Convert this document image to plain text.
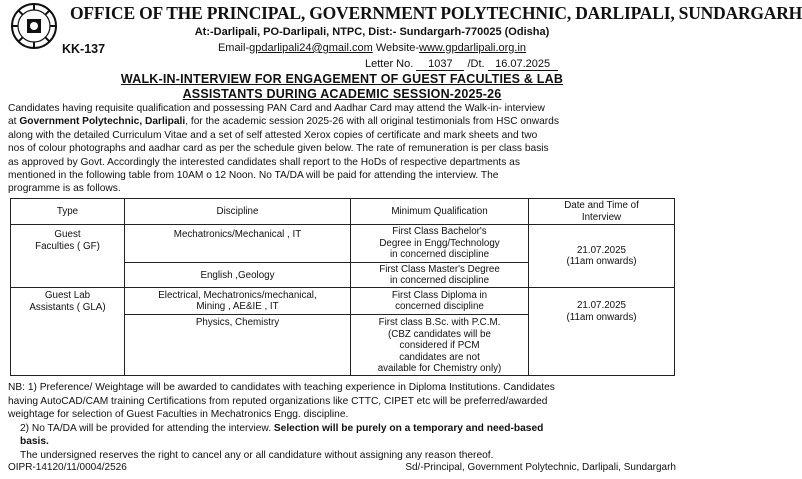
KK-137
OFFICE OF THE PRINCIPAL, GOVERNMENT POLYTECHNIC, DARLIPALI, SUNDARGARH
At:-Darlipali, PO-Darlipali, NTPC, Dist:- Sundargarh-770025 (Odisha)
Email-gpdarlipali24@gmail.com Website-www.gpdarlipali.org.in
Letter No. 1037 /Dt. 16.07.2025
WALK-IN-INTERVIEW FOR ENGAGEMENT OF GUEST FACULTIES & LAB
ASSISTANTS DURING ACADEMIC SESSION-2025-26
Candidates having requisite qualification and possessing PAN Card and Aadhar Card may attend the Walk-in- interview
at Government Polytechnic, Darlipali, for the academic session 2025-26 with all original testimonials from HSC onwards
along with the detailed Curriculum Vitae and a set of self attested Xerox copies of certificate and mark sheets and two
nos of colour photographs and aadhar card as per the schedule given below. The rate of remuneration is per class basis
as approved by Govt. Accordingly the interested candidates shall report to the HoDs of respective departments as
mentioned in the following table from 10AM o 12 Noon. No TA/DA will be paid for attending the interview. The
programme is as follows.
Type	Discipline	Minimum Qualification	Date and Time of
Interview

Guest
Faculties ( GF)	Mechatronics/Mechanical , IT	First Class Bachelor's
Degree in Engg/Technology
in concerned discipline	21.07.2025
(11am onwards)

	English ,Geology	First Class Master's Degree
in concerned discipline	

Guest Lab
Assistants ( GLA)	Electrical, Mechatronics/mechanical,
Mining , AE&IE , IT	First Class Diploma in
concerned discipline	21.07.2025
(11am onwards)

	Physics, Chemistry	First class B.Sc. with P.C.M.
(CBZ candidates will be
considered if PCM
candidates are not
available for Chemistry only)	
NB: 1) Preference/ Weightage will be awarded to candidates with teaching experience in Diploma Institutions. Candidates
having AutoCAD/CAM training Certifications from reputed organizations like CTTC, CIPET etc will be preferred/awarded
weightage for selection of Guest Faculties in Mechatronics Engg. discipline.
2) No TA/DA will be provided for attending the interview. Selection will be purely on a temporary and need-based
basis.
The undersigned reserves the right to cancel any or all candidature without assigning any reason thereof.
OIPR-14120/11/0004/2526	Sd/-Principal, Government Polytechnic, Darlipali, Sundargarh
